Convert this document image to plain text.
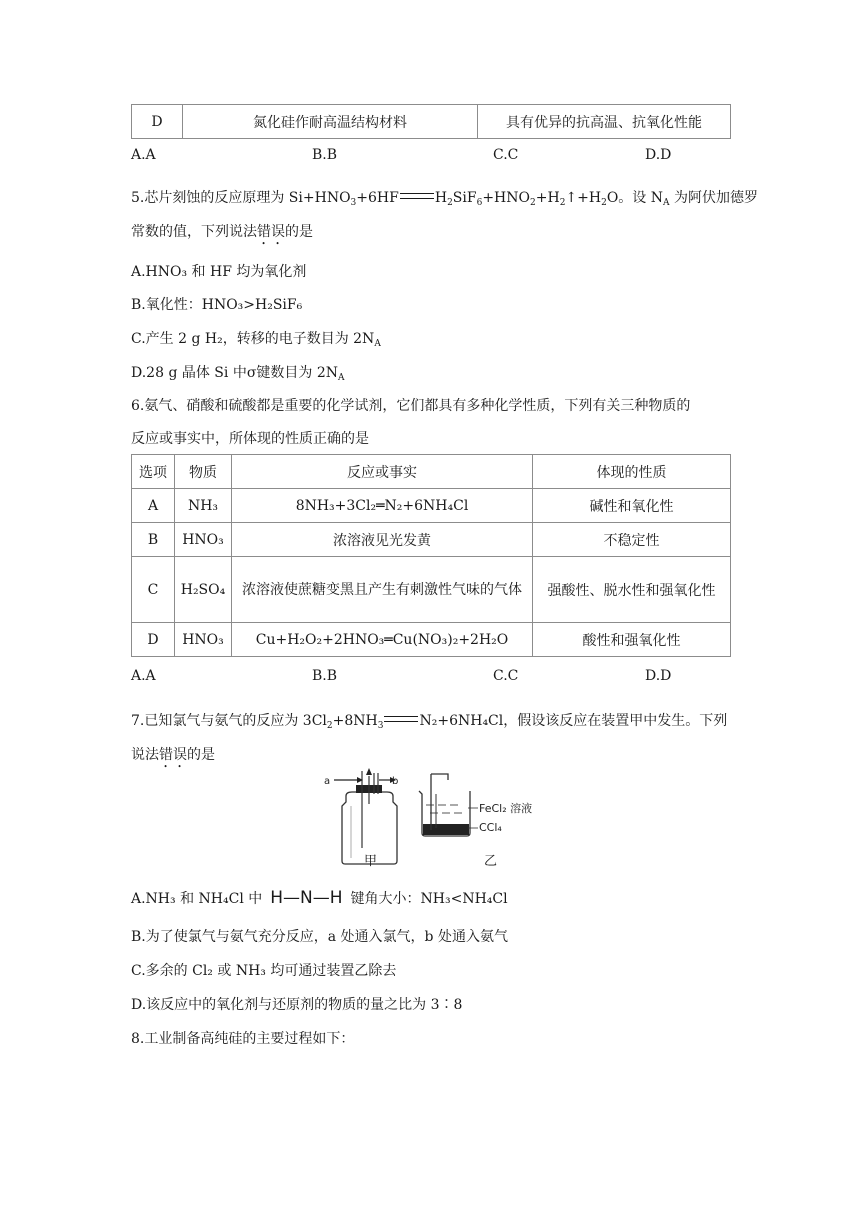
D	氮化硅作耐高温结构材料	具有优异的抗高温、抗氧化性能
A.A	B.B	C.C	D.D
5.芯片刻蚀的反应原理为 $Si+HNO_3+6HF$	$H_2SiF_6+HNO_2+H_2↑+H_2O$。设 $N_A$ 为阿伏加德罗
常数的值，下列说法错误的是
A.HNO₃ 和 HF 均为氧化剂
B.氧化性：HNO₃>H₂SiF₆
C.产生 2 g H₂，转移的电子数目为 $2N_A$
D.28 g 晶体 Si 中σ键数目为 $2N_A$
6.氨气、硝酸和硫酸都是重要的化学试剂，它们都具有多种化学性质，下列有关三种物质的
反应或事实中，所体现的性质正确的是
选项	物质	反应或事实	体现的性质
A	NH₃	8NH₃+3Cl₂═N₂+6NH₄Cl	碱性和氧化性
B	HNO₃	浓溶液见光发黄	不稳定性
C	H₂SO₄	浓溶液使蔗糖变黑且产生有刺激性气味的气体	强酸性、脱水性和强氧化性
D	HNO₃	Cu+H₂O₂+2HNO₃═Cu(NO₃)₂+2H₂O	酸性和强氧化性
A.A	B.B	C.C	D.D
7.已知氯气与氨气的反应为 $3Cl_2+8NH_3$	N₂+6NH₄Cl，假设该反应在装置甲中发生。下列
说法错误的是
a	b
FeCl₂ 溶液
CCl₄
甲	乙
A.NH₃ 和 NH₄Cl 中 H—N—H 键角大小：NH₃<NH₄Cl
B.为了使氯气与氨气充分反应，a 处通入氯气，b 处通入氨气
C.多余的 Cl₂ 或 NH₃ 均可通过装置乙除去
D.该反应中的氧化剂与还原剂的物质的量之比为 3∶8
8.工业制备高纯硅的主要过程如下：
